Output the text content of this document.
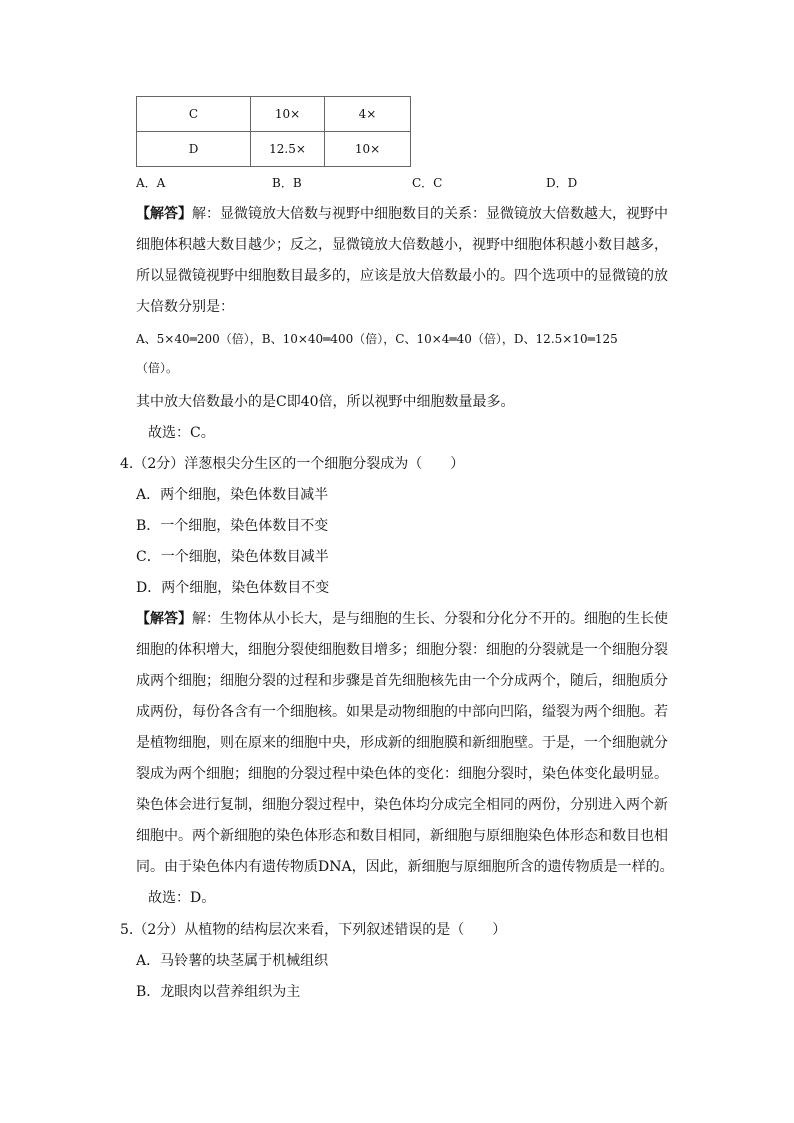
C	10×	4×
D	12.5×	10×
A．A	B．B	C．C	D．D
【解答】解：显微镜放大倍数与视野中细胞数目的关系：显微镜放大倍数越大，视野中
细胞体积越大数目越少；反之，显微镜放大倍数越小，视野中细胞体积越小数目越多，
所以显微镜视野中细胞数目最多的，应该是放大倍数最小的。四个选项中的显微镜的放
大倍数分别是：
A、5×40═200（倍），B、10×40═400（倍），C、10×4═40（倍），D、12.5×10═125
（倍）。
其中放大倍数最小的是C即40倍，所以视野中细胞数量最多。
故选：C。
4.（2分）洋葱根尖分生区的一个细胞分裂成为（　　）
A．两个细胞，染色体数目减半
B．一个细胞，染色体数目不变
C．一个细胞，染色体数目减半
D．两个细胞，染色体数目不变
【解答】解：生物体从小长大，是与细胞的生长、分裂和分化分不开的。细胞的生长使
细胞的体积增大，细胞分裂使细胞数目增多；细胞分裂：细胞的分裂就是一个细胞分裂
成两个细胞；细胞分裂的过程和步骤是首先细胞核先由一个分成两个，随后，细胞质分
成两份，每份各含有一个细胞核。如果是动物细胞的中部向凹陷，缢裂为两个细胞。若
是植物细胞，则在原来的细胞中央，形成新的细胞膜和新细胞壁。于是，一个细胞就分
裂成为两个细胞；细胞的分裂过程中染色体的变化：细胞分裂时，染色体变化最明显。
染色体会进行复制，细胞分裂过程中，染色体均分成完全相同的两份，分别进入两个新
细胞中。两个新细胞的染色体形态和数目相同，新细胞与原细胞染色体形态和数目也相
同。由于染色体内有遗传物质DNA，因此，新细胞与原细胞所含的遗传物质是一样的。
故选：D。
5.（2分）从植物的结构层次来看，下列叙述错误的是（　　）
A．马铃薯的块茎属于机械组织
B．龙眼肉以营养组织为主
